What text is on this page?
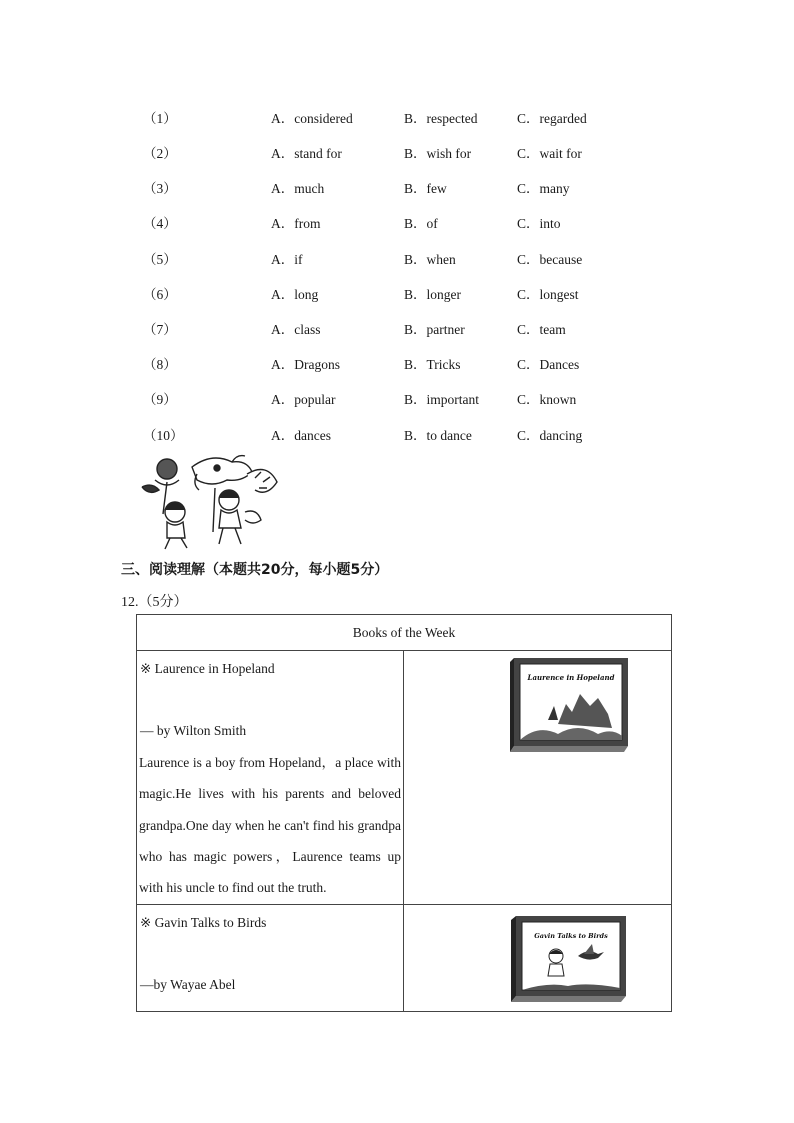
（1）	A．considered	B．respected	C．regarded
（2）	A．stand for	B．wish for	C．wait for
（3）	A．much	B．few	C．many
（4）	A．from	B．of	C．into
（5）	A．if	B．when	C．because
（6）	A．long	B．longer	C．longest
（7）	A．class	B．partner	C．team
（8）	A．Dragons	B．Tricks	C．Dances
（9）	A．popular	B．important	C．known
（10）	A．dances	B．to dance	C．dancing
三、阅读理解（本题共20分，每小题5分）
12.（5分）
Books of the Week	

※ Laurence in Hopeland
— by Wilton Smith
Laurence is a boy from Hopeland，a place with magic.He lives with his parents and beloved grandpa.One day when he can't find his grandpa who has magic powers，Laurence teams up with his uncle to find out the truth.	Laurence in Hopeland

※ Gavin Talks to Birds
—by Wayae Abel	Gavin Talks to Birds
